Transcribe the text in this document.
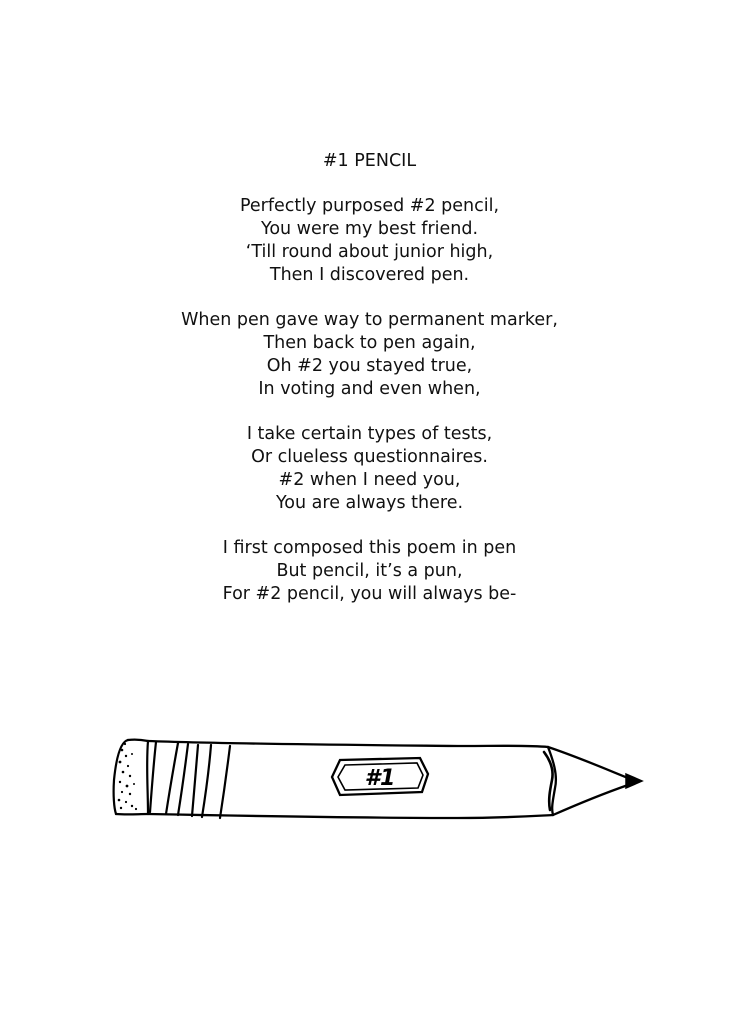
#1 PENCIL
Perfectly purposed #2 pencil,
You were my best friend.
‘Till round about junior high,
Then I discovered pen.
When pen gave way to permanent marker,
Then back to pen again,
Oh #2 you stayed true,
In voting and even when,
I take certain types of tests,
Or clueless questionnaires.
#2 when I need you,
You are always there.
I first composed this poem in pen
But pencil, it’s a pun,
For #2 pencil, you will always be-
#1
